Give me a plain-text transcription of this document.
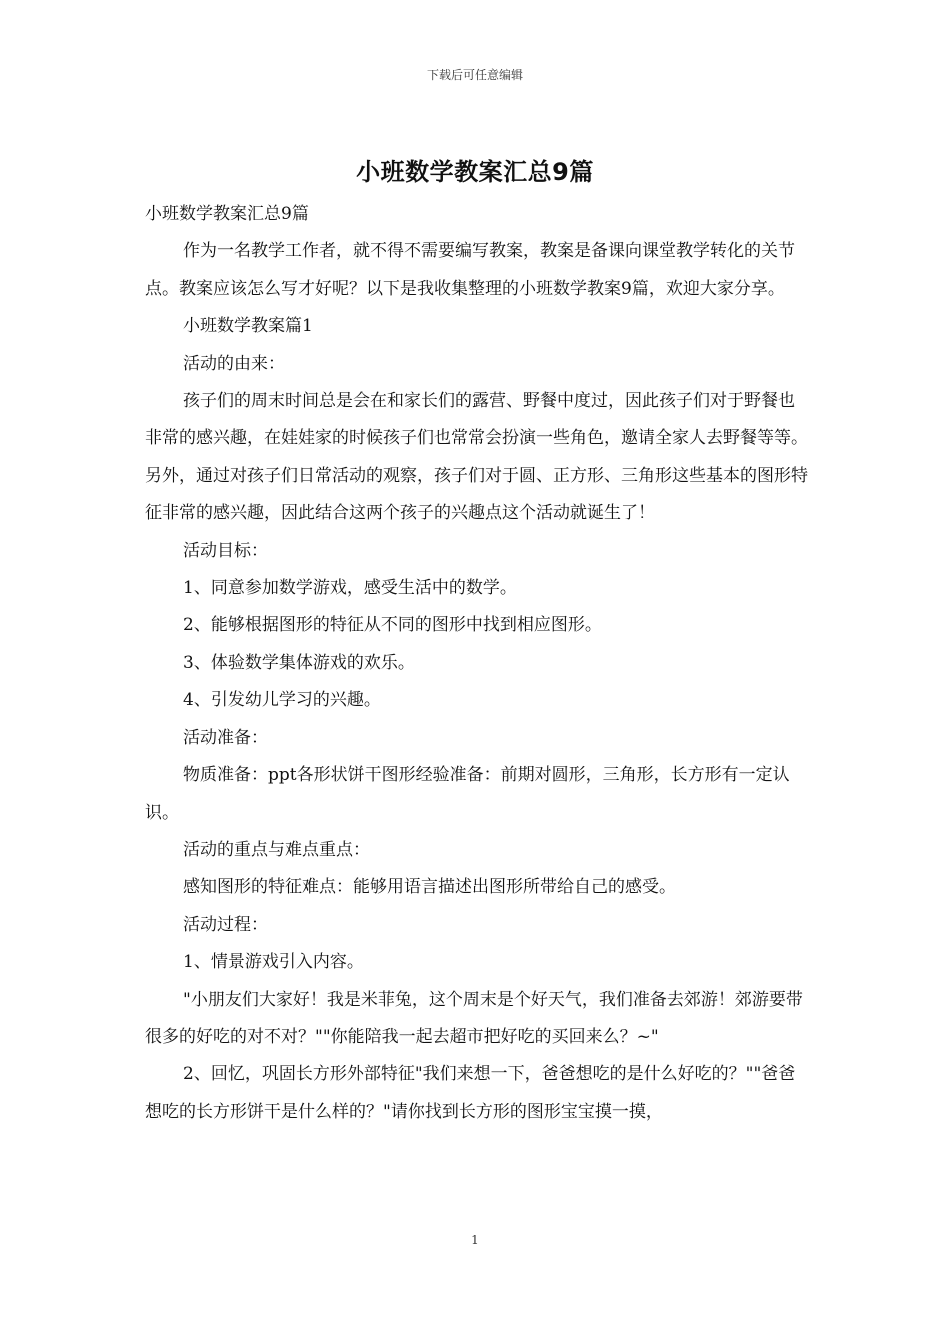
下载后可任意编辑
小班数学教案汇总9篇

小班数学教案汇总9篇

作为一名教学工作者，就不得不需要编写教案，教案是备课向课堂教学转化的关节点。教案应该怎么写才好呢？以下是我收集整理的小班数学教案9篇，欢迎大家分享。

小班数学教案篇1

活动的由来：

孩子们的周末时间总是会在和家长们的露营、野餐中度过，因此孩子们对于野餐也非常的感兴趣，在娃娃家的时候孩子们也常常会扮演一些角色，邀请全家人去野餐等等。另外，通过对孩子们日常活动的观察，孩子们对于圆、正方形、三角形这些基本的图形特征非常的感兴趣，因此结合这两个孩子的兴趣点这个活动就诞生了！

活动目标：

1、同意参加数学游戏，感受生活中的数学。

2、能够根据图形的特征从不同的图形中找到相应图形。

3、体验数学集体游戏的欢乐。

4、引发幼儿学习的兴趣。

活动准备：

物质准备：ppt各形状饼干图形经验准备：前期对圆形，三角形，长方形有一定认识。

活动的重点与难点重点：

感知图形的特征难点：能够用语言描述出图形所带给自己的感受。

活动过程：

1、情景游戏引入内容。

"小朋友们大家好！我是米菲兔，这个周末是个好天气，我们准备去郊游！郊游要带很多的好吃的对不对？""你能陪我一起去超市把好吃的买回来么？~"

2、回忆，巩固长方形外部特征"我们来想一下，爸爸想吃的是什么好吃的？""爸爸想吃的长方形饼干是什么样的？"请你找到长方形的图形宝宝摸一摸，

1
